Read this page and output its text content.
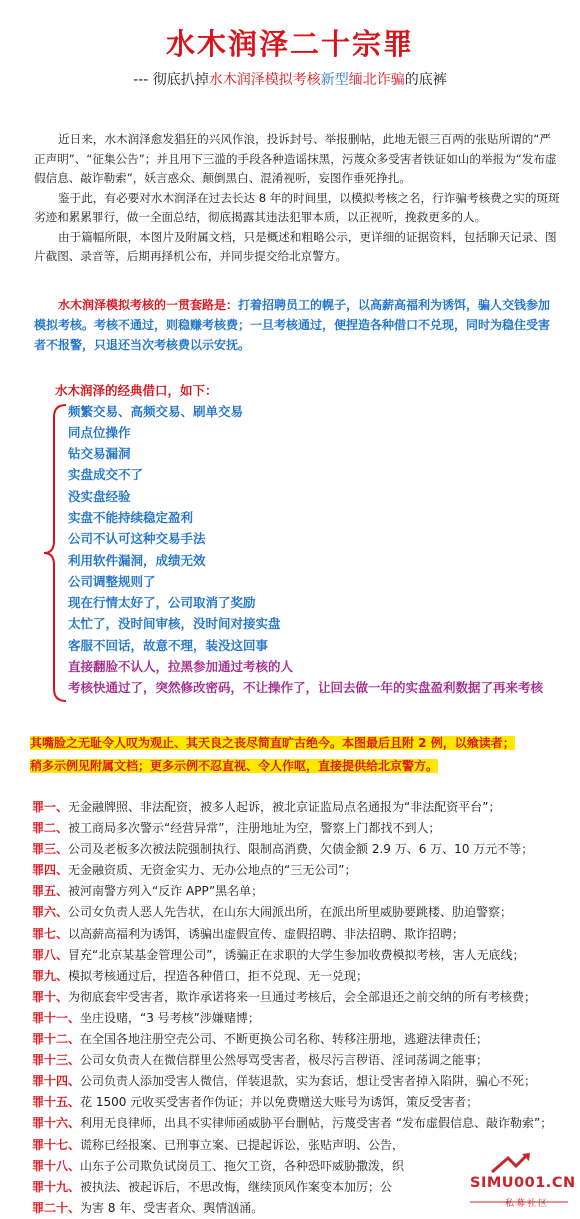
水木润泽二十宗罪
--- 彻底扒掉水木润泽模拟考核新型缅北诈骗的底裤

近日来，水木润泽愈发猖狂的兴风作浪，投诉封号、举报删帖，此地无银三百两的张贴所谓的“严正声明”、“征集公告”；并且用下三滥的手段各种造谣抹黑，污蔑众多受害者铁证如山的举报为“发布虚假信息、敲诈勒索”，妖言惑众、颠倒黑白、混淆视听，妄图作垂死挣扎。

鉴于此，有必要对水木润泽在过去长达 8 年的时间里，以模拟考核之名，行诈骗考核费之实的斑斑劣迹和累累罪行，做一全面总结，彻底揭露其违法犯罪本质，以正视听，挽救更多的人。

由于篇幅所限，本图片及附属文档，只是概述和粗略公示，更详细的证据资料，包括聊天记录、图片截图、录音等，后期再择机公布，并同步提交给北京警方。

水木润泽模拟考核的一贯套路是：打着招聘员工的幌子，以高薪高福利为诱饵，骗人交钱参加模拟考核。考核不通过，则稳赚考核费；一旦考核通过，便捏造各种借口不兑现，同时为稳住受害者不报警，只退还当次考核费以示安抚。
水木润泽的经典借口，如下：
频繁交易、高频交易、刷单交易
同点位操作
钻交易漏洞
实盘成交不了
没实盘经验
实盘不能持续稳定盈利
公司不认可这种交易手法
利用软件漏洞，成绩无效
公司调整规则了
现在行情太好了，公司取消了奖励
太忙了，没时间审核，没时间对接实盘
客服不回话，故意不理，装没这回事
直接翻脸不认人，拉黑参加通过考核的人
考核快通过了，突然修改密码，不让操作了，让回去做一年的实盘盈利数据了再来考核
其嘴脸之无耻令人叹为观止、其天良之丧尽简直旷古绝今。本图最后且附 2 例，以飨读者；
稍多示例见附属文档；更多示例不忍直视、令人作呕，直接提供给北京警方。
罪一、无金融牌照、非法配资，被多人起诉，被北京证监局点名通报为“非法配资平台”；
罪二、被工商局多次警示“经营异常”，注册地址为空，警察上门都找不到人；
罪三、公司及老板多次被法院强制执行、限制高消费，欠债金额 2.9 万、6 万、10 万元不等；
罪四、无金融资质、无资金实力、无办公地点的“三无公司”；
罪五、被河南警方列入“反诈 APP”黑名单；
罪六、公司女负责人恶人先告状，在山东大闹派出所，在派出所里威胁要跳楼、肋迫警察；
罪七、以高薪高福利为诱饵，诱骗出虚假宣传、虚假招聘、非法招聘、欺诈招聘；
罪八、冒充“北京某基金管理公司”，诱骗正在求职的大学生参加收费模拟考核，害人无底线；
罪九、模拟考核通过后，捏造各种借口，拒不兑现、无一兑现；
罪十、为彻底套牢受害者，欺诈承诺将来一旦通过考核后，会全部退还之前交纳的所有考核费；
罪十一、坐庄设赌，“3 号考核”涉嫌赌博；
罪十二、在全国各地注册空壳公司、不断更换公司名称、转移注册地，逃避法律责任；
罪十三、公司女负责人在微信群里公然辱骂受害者，极尽污言秽语、淫词荡调之能事；
罪十四、公司负责人添加受害人微信，佯装退款，实为套话，想让受害者掉入陷阱，骗心不死；
罪十五、花 1500 元收买受害者作伪证；并以免费赠送大账号为诱饵，策反受害者；
罪十六、利用无良律师，出具不实律师函威胁平台删帖，污蔑受害者 “发布虚假信息、敲诈勒索”；
罪十七、谎称已经报案、已刑事立案、已提起诉讼，张贴声明、公告，
罪十八、山东子公司欺负试岗员工、拖欠工资，各种恐吓威胁撒泼，织
罪十九、被执法、被起诉后，不思改悔，继续顶风作案变本加厉；公
罪二十、为害 8 年、受害者众、舆情汹涌。
SIMU001.CN
私募社区
